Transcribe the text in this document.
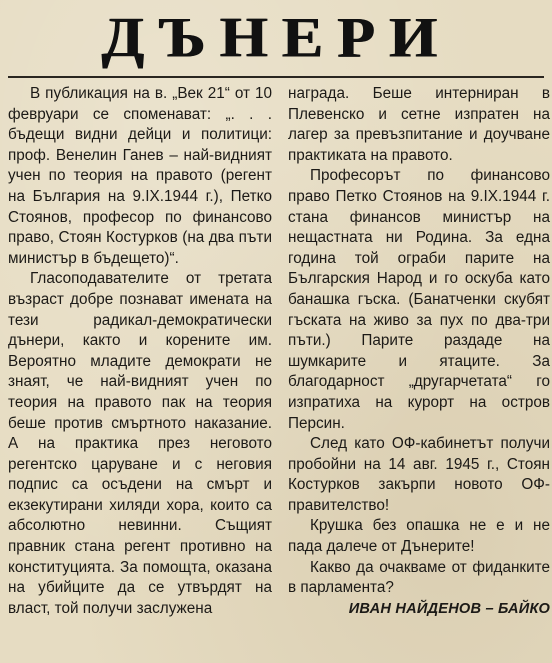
ДЪНЕРИ

В публикация на в. „Век 21“ от 10 февруари се споменават: „. . . бъдещи видни дейци и политици: проф. Венелин Ганев – най-видният учен по теория на правото (регент на България на 9.IX.1944 г.), Петко Стоянов, професор по финансово право, Стоян Костурков (на два пъти министър в бъдещето)“.

Гласоподавателите от третата възраст добре познават имената на тези радикал-демократически дънери, както и корените им. Вероятно младите демократи не знаят, че най-видният учен по теория на правото пак на теория беше против смъртното наказание. А на практика през неговото регентско царуване и с неговия подпис са осъдени на смърт и екзекутирани хиляди хора, които са абсолютно невинни. Същият правник стана регент противно на конституцията. За помощта, оказана на убийците да се утвърдят на власт, той получи заслужена

награда. Беше интерниран в Плевенско и сетне изпратен на лагер за превъзпитание и доучване практиката на правото.

Професорът по финансово право Петко Стоянов на 9.IX.1944 г. стана финансов министър на нещастната ни Родина. За една година той ограби парите на Българския Народ и го оскуба като банашка гъска. (Банатченки скубят гъската на живо за пух по два-три пъти.) Парите раздаде на шумкарите и ятаците. За благодарност „другарчетата“ го изпратиха на курорт на остров Персин.

След като ОФ-кабинетът получи пробойни на 14 авг. 1945 г., Стоян Костурков закърпи новото ОФ-правителство!

Крушка без опашка не е и не пада далече от Дънерите!

Какво да очакваме от фиданките в парламента?

ИВАН НАЙДЕНОВ – БАЙКО
